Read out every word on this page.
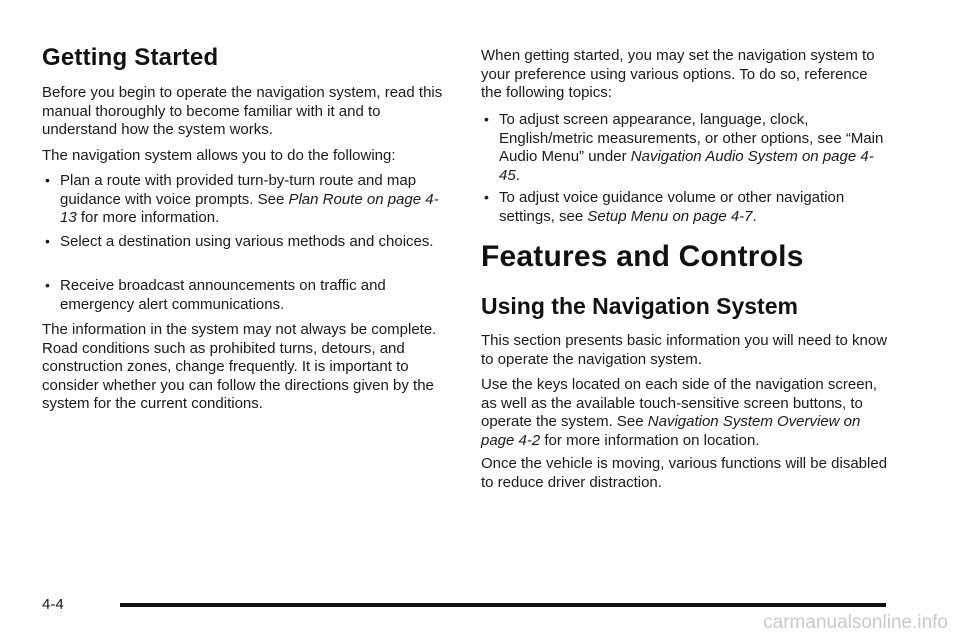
Getting Started

Before you begin to operate the navigation system, read this manual thoroughly to become familiar with it and to understand how the system works.

The navigation system allows you to do the following:

• Plan a route with provided turn-by-turn route and map guidance with voice prompts. See Plan Route on page 4-13 for more information.
• Select a destination using various methods and choices.
• Receive broadcast announcements on traffic and emergency alert communications.

The information in the system may not always be complete. Road conditions such as prohibited turns, detours, and construction zones, change frequently. It is important to consider whether you can follow the directions given by the system for the current conditions.

When getting started, you may set the navigation system to your preference using various options. To do so, reference the following topics:

• To adjust screen appearance, language, clock, English/metric measurements, or other options, see “Main Audio Menu” under Navigation Audio System on page 4-45.
• To adjust voice guidance volume or other navigation settings, see Setup Menu on page 4-7.
Features and Controls
Using the Navigation System

This section presents basic information you will need to know to operate the navigation system.

Use the keys located on each side of the navigation screen, as well as the available touch-sensitive screen buttons, to operate the system. See Navigation System Overview on page 4-2 for more information on location.

Once the vehicle is moving, various functions will be disabled to reduce driver distraction.

4-4
carmanualsonline.info
